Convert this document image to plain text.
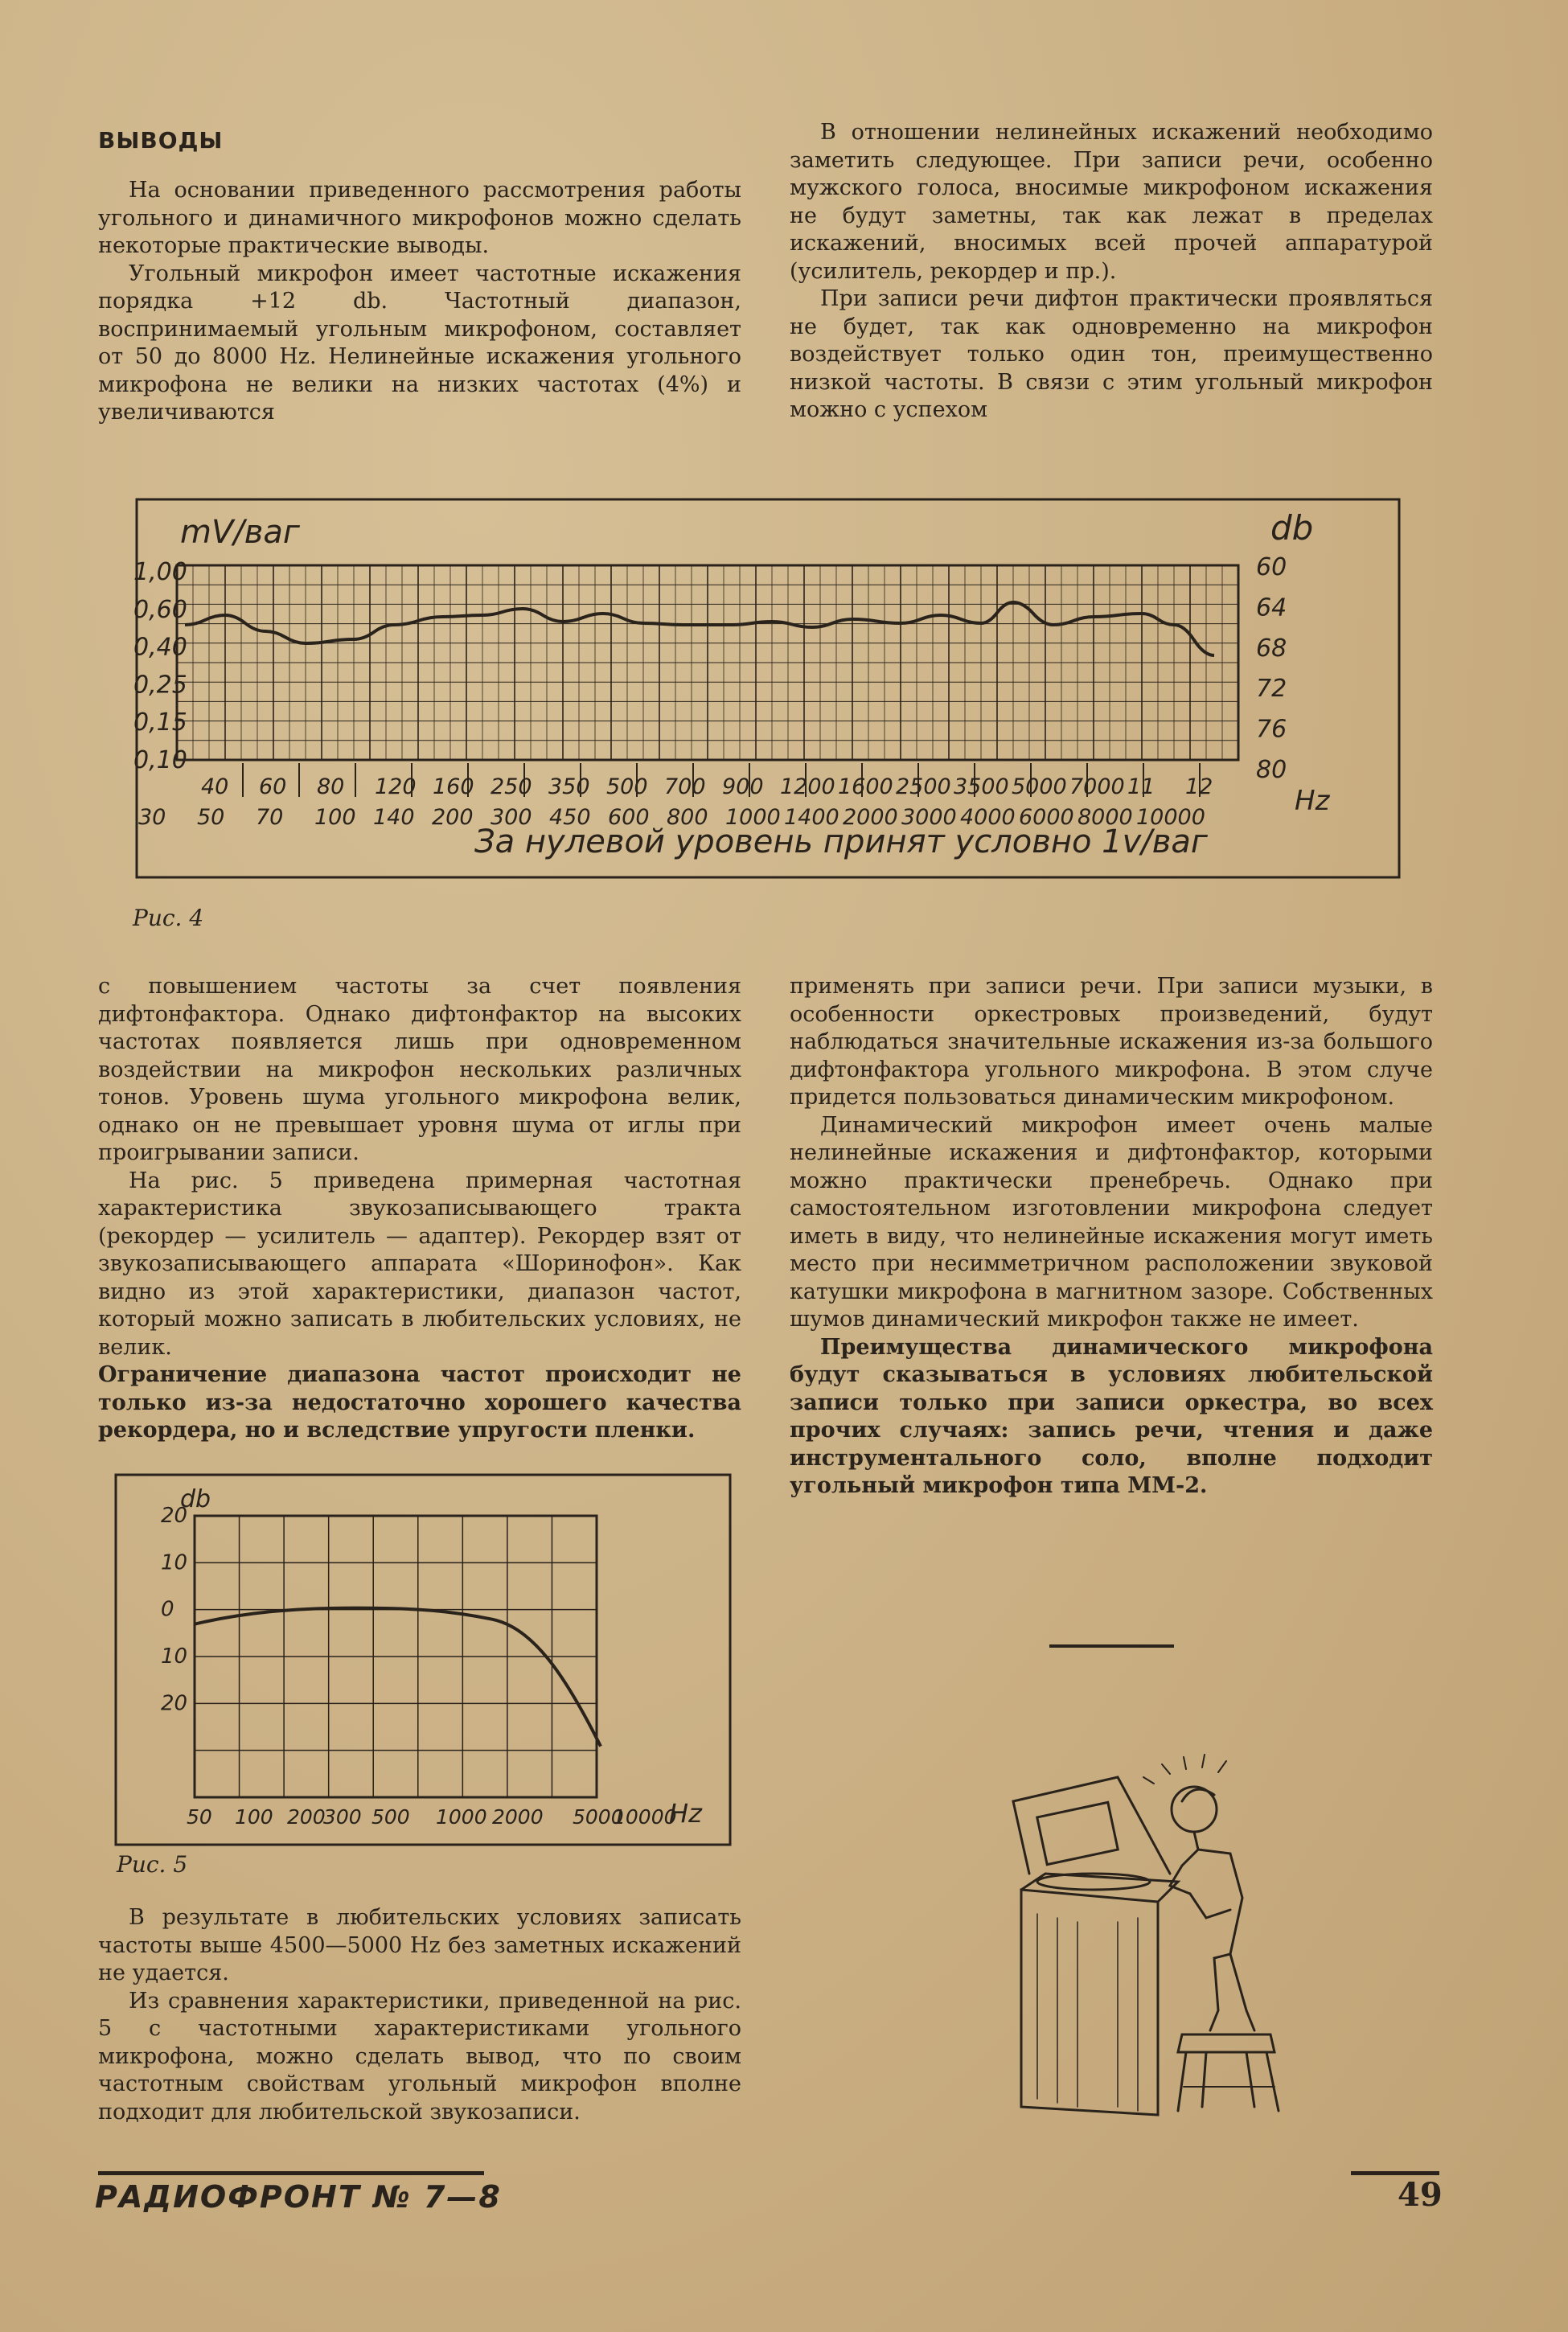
ВЫВОДЫ

На основании приведенного рассмотрения работы угольного и динамичного микрофонов можно сделать некоторые практические выводы.

Угольный микрофон имеет частотные искажения порядка +12 db. Частотный диапазон, воспринимаемый угольным микрофоном, составляет от 50 до 8000 Hz. Нелинейные искажения угольного микрофона не велики на низких частотах (4%) и увеличиваются

В отношении нелинейных искажений необходимо заметить следующее. При записи речи, особенно мужского голоса, вносимые микрофоном искажения не будут заметны, так как лежат в пределах искажений, вносимых всей прочей аппаратурой (усилитель, рекордер и пр.).

При записи речи дифтон практически проявляться не будет, так как одновременно на микрофон воздействует только один тон, преимущественно низкой частоты. В связи с этим угольный микрофон можно с успехом

mV/ваг	db
1,00
0,60
0,40
0,25
0,15
0,10
60
64
68
72
76
80
40 60 80 120 160 250 350 500 700 900 1200 1600 2500 3500 5000 7000 11 12
30 50 70 100 140 200 300 450 600 800 1000 1400 2000 3000 4000 6000 8000 10000
Hz
За нулевой уровень принят условно 1v/ваг
Рис. 4

с повышением частоты за счет появления дифтонфактора. Однако дифтонфактор на высоких частотах появляется лишь при одновременном воздействии на микрофон нескольких различных тонов. Уровень шума угольного микрофона велик, однако он не превышает уровня шума от иглы при проигрывании записи.

На рис. 5 приведена примерная частотная характеристика звукозаписывающего тракта (рекордер — усилитель — адаптер). Рекордер взят от звукозаписывающего аппарата «Шоринофон». Как видно из этой характеристики, диапазон частот, который можно записать в любительских условиях, не велик.

Ограничение диапазона частот происходит не только из-за недостаточно хорошего качества рекордера, но и вследствие упругости пленки.

db
20
10
0
10
20
50 100 200
300 500 1000 2000 5000
10000
Hz
Рис. 5

В результате в любительских условиях записать частоты выше 4500—5000 Hz без заметных искажений не удается.

Из сравнения характеристики, приведенной на рис. 5 с частотными характеристиками угольного микрофона, можно сделать вывод, что по своим частотным свойствам угольный микрофон вполне подходит для любительской звукозаписи.

применять при записи речи. При записи музыки, в особенности оркестровых произведений, будут наблюдаться значительные искажения из-за большого дифтонфактора угольного микрофона. В этом случе придется пользоваться динамическим микрофоном.

Динамический микрофон имеет очень малые нелинейные искажения и дифтонфактор, которыми можно практически пренебречь. Однако при самостоятельном изготовлении микрофона следует иметь в виду, что нелинейные искажения могут иметь место при несимметричном расположении звуковой катушки микрофона в магнитном зазоре. Собственных шумов динамический микрофон также не имеет.

Преимущества динамического микрофона будут сказываться в условиях любительской записи только при записи оркестра, во всех прочих случаях: запись речи, чтения и даже инструментального соло, вполне подходит угольный микрофон типа ММ-2.

РАДИОФРОНТ № 7—8	49
